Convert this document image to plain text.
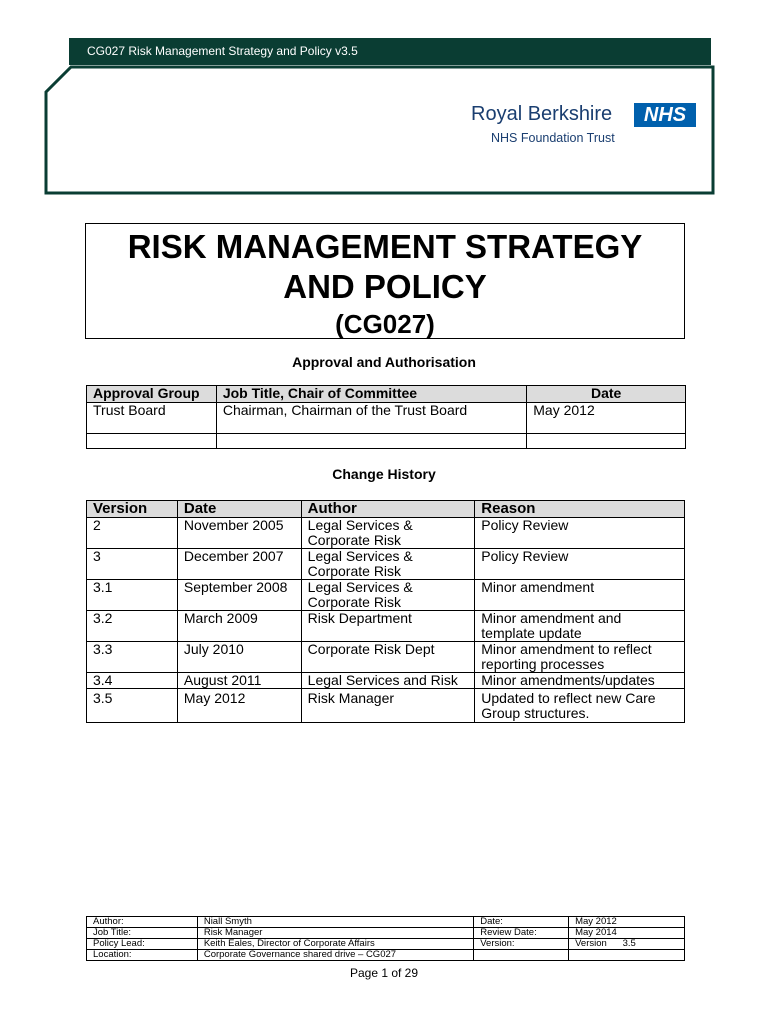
CG027 Risk Management Strategy and Policy v3.5
Royal Berkshire	NHS
NHS Foundation Trust
RISK MANAGEMENT STRATEGY
AND POLICY
(CG027)
Approval and Authorisation
Approval Group	Job Title, Chair of Committee	Date
Trust Board	Chairman, Chairman of the Trust Board	May 2012

Change History
Version	Date	Author	Reason
2	November 2005	Legal Services & Corporate Risk	Policy Review
3	December 2007	Legal Services & Corporate Risk	Policy Review
3.1	September 2008	Legal Services & Corporate Risk	Minor amendment
3.2	March 2009	Risk Department	Minor amendment and template update
3.3	July 2010	Corporate Risk Dept	Minor amendment to reflect reporting processes
3.4	August 2011	Legal Services and Risk	Minor amendments/updates
3.5	May 2012	Risk Manager	Updated to reflect new Care Group structures.
Author:	Niall Smyth	Date:	May 2012
Job Title:	Risk Manager	Review Date:	May 2014
Policy Lead:	Keith Eales, Director of Corporate Affairs	Version:	Version      3.5
Location:	Corporate Governance shared drive – CG027		
Page 1 of 29
